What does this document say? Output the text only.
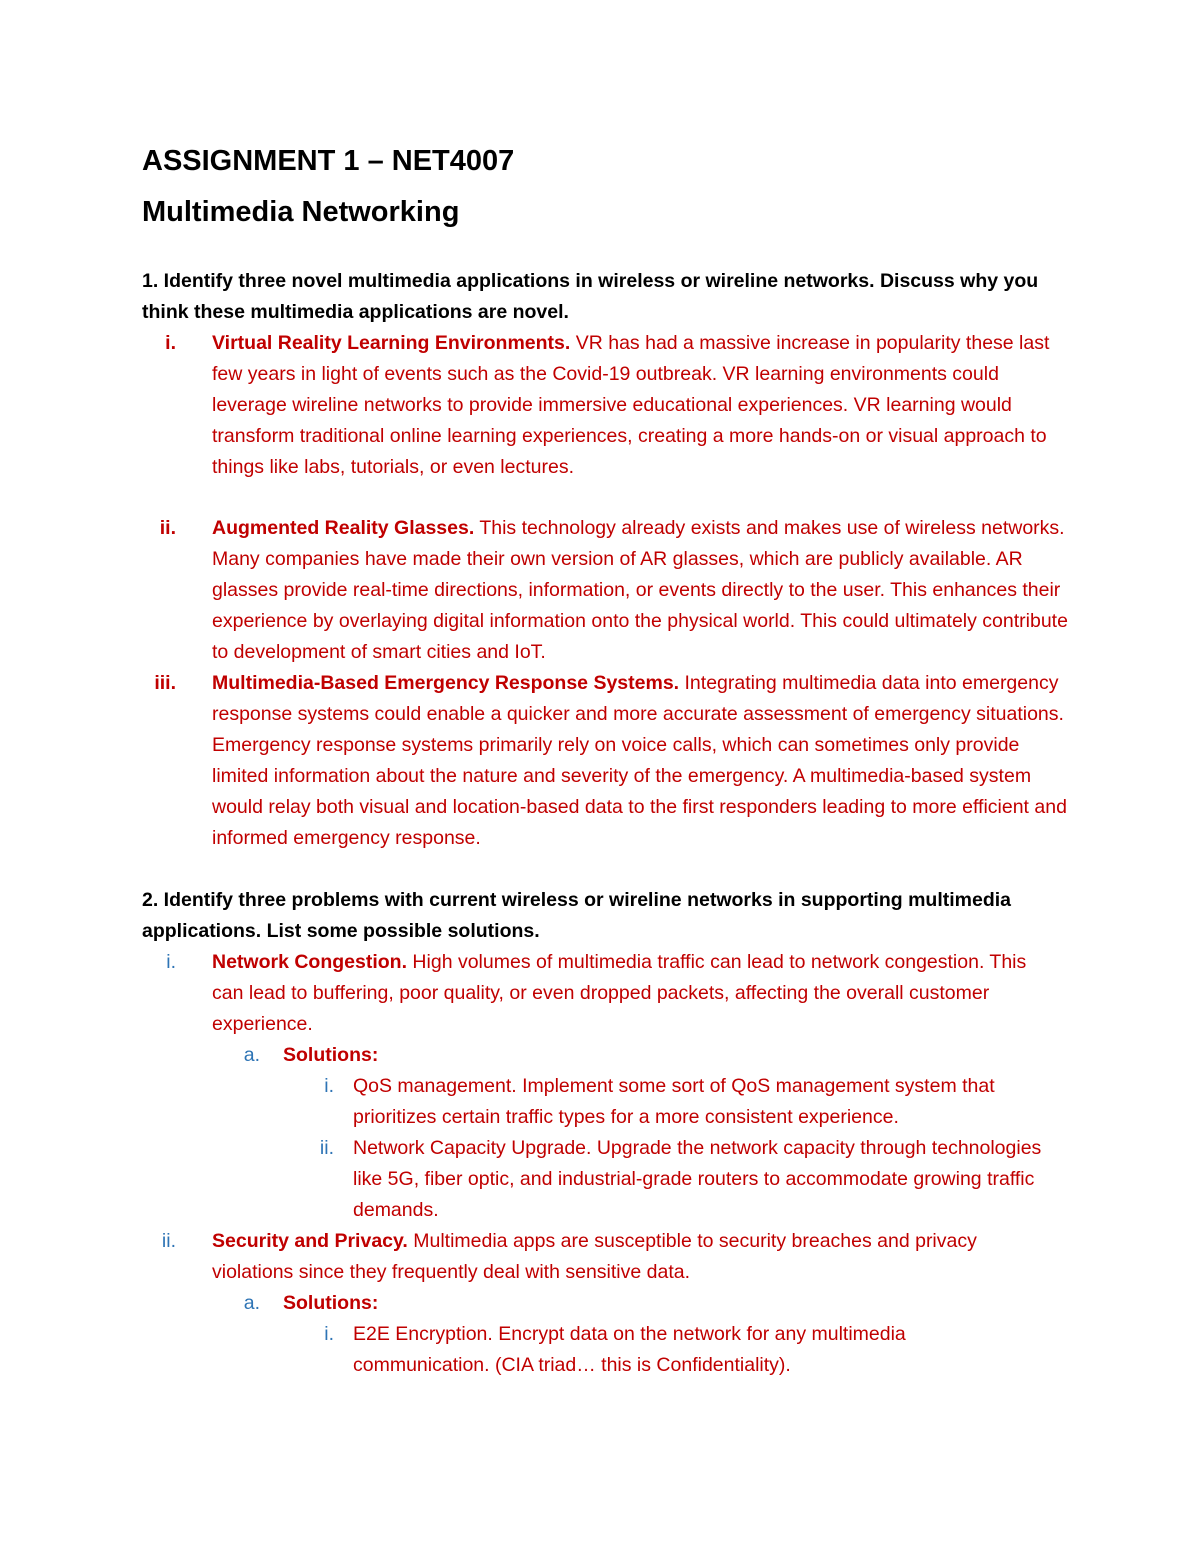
ASSIGNMENT 1 – NET4007
Multimedia Networking
1. Identify three novel multimedia applications in wireless or wireline networks. Discuss why you think these multimedia applications are novel.
i. Virtual Reality Learning Environments. VR has had a massive increase in popularity these last few years in light of events such as the Covid-19 outbreak. VR learning environments could leverage wireline networks to provide immersive educational experiences. VR learning would transform traditional online learning experiences, creating a more hands-on or visual approach to things like labs, tutorials, or even lectures.
ii. Augmented Reality Glasses. This technology already exists and makes use of wireless networks. Many companies have made their own version of AR glasses, which are publicly available. AR glasses provide real-time directions, information, or events directly to the user. This enhances their experience by overlaying digital information onto the physical world. This could ultimately contribute to development of smart cities and IoT.
iii. Multimedia-Based Emergency Response Systems. Integrating multimedia data into emergency response systems could enable a quicker and more accurate assessment of emergency situations. Emergency response systems primarily rely on voice calls, which can sometimes only provide limited information about the nature and severity of the emergency. A multimedia-based system would relay both visual and location-based data to the first responders leading to more efficient and informed emergency response.
2. Identify three problems with current wireless or wireline networks in supporting multimedia applications. List some possible solutions.
i. Network Congestion. High volumes of multimedia traffic can lead to network congestion. This can lead to buffering, poor quality, or even dropped packets, affecting the overall customer experience.
a. Solutions:
i. QoS management. Implement some sort of QoS management system that prioritizes certain traffic types for a more consistent experience.
ii. Network Capacity Upgrade. Upgrade the network capacity through technologies like 5G, fiber optic, and industrial-grade routers to accommodate growing traffic demands.
ii. Security and Privacy. Multimedia apps are susceptible to security breaches and privacy violations since they frequently deal with sensitive data.
a. Solutions:
i. E2E Encryption. Encrypt data on the network for any multimedia communication. (CIA triad… this is Confidentiality).
